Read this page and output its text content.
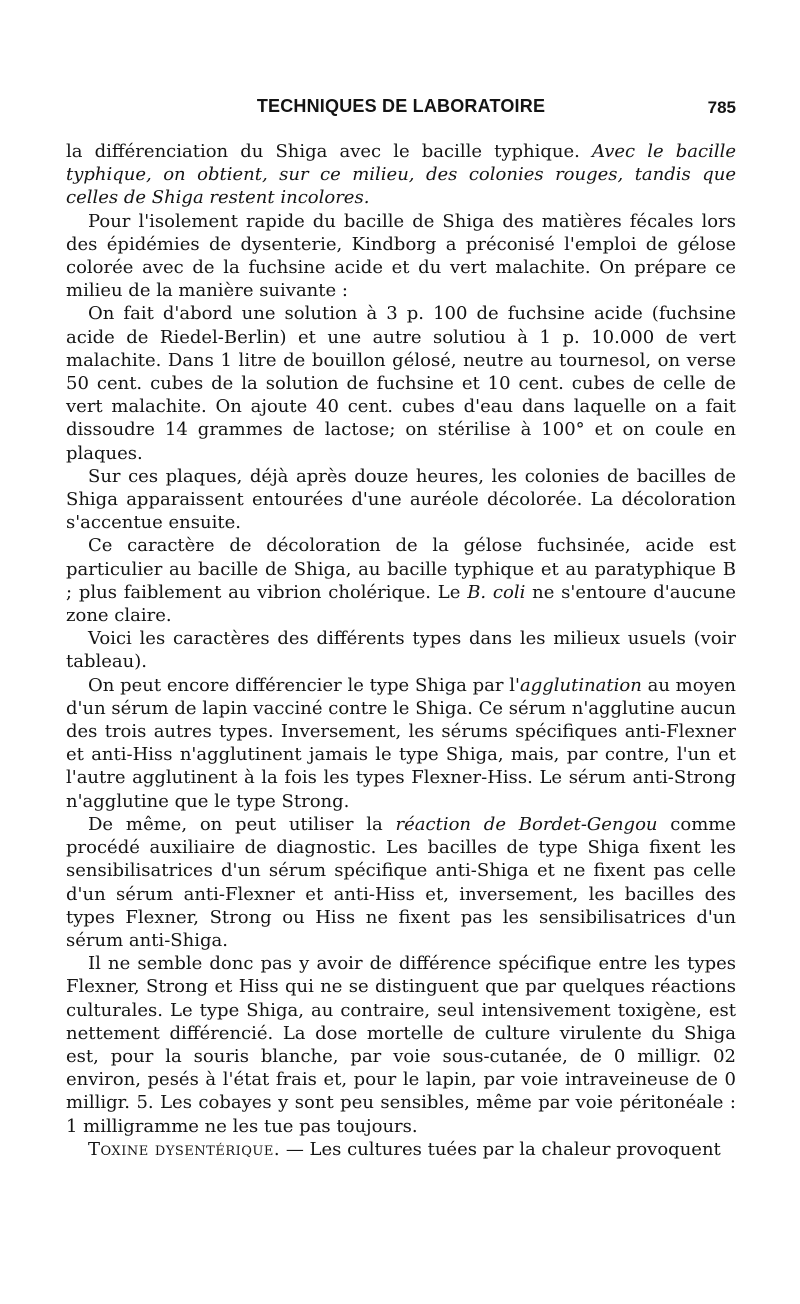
TECHNIQUES DE LABORATOIRE	785

la différenciation du Shiga avec le bacille typhique. Avec le bacille typhique, on obtient, sur ce milieu, des colonies rouges, tandis que celles de Shiga restent incolores.

Pour l'isolement rapide du bacille de Shiga des matières fécales lors des épidémies de dysenterie, Kindborg a préconisé l'emploi de gélose colorée avec de la fuchsine acide et du vert malachite. On prépare ce milieu de la manière suivante :

On fait d'abord une solution à 3 p. 100 de fuchsine acide (fuchsine acide de Riedel-Berlin) et une autre solutiou à 1 p. 10.000 de vert malachite. Dans 1 litre de bouillon gélosé, neutre au tournesol, on verse 50 cent. cubes de la solution de fuchsine et 10 cent. cubes de celle de vert malachite. On ajoute 40 cent. cubes d'eau dans laquelle on a fait dissoudre 14 grammes de lactose; on stérilise à 100° et on coule en plaques.

Sur ces plaques, déjà après douze heures, les colonies de bacilles de Shiga apparaissent entourées d'une auréole décolorée. La décoloration s'accentue ensuite.

Ce caractère de décoloration de la gélose fuchsinée, acide est particulier au bacille de Shiga, au bacille typhique et au paratyphique B ; plus faiblement au vibrion cholérique. Le B. coli ne s'entoure d'aucune zone claire.

Voici les caractères des différents types dans les milieux usuels (voir tableau).

On peut encore différencier le type Shiga par l'agglutination au moyen d'un sérum de lapin vacciné contre le Shiga. Ce sérum n'agglutine aucun des trois autres types. Inversement, les sérums spécifiques anti-Flexner et anti-Hiss n'agglutinent jamais le type Shiga, mais, par contre, l'un et l'autre agglutinent à la fois les types Flexner-Hiss. Le sérum anti-Strong n'agglutine que le type Strong.

De même, on peut utiliser la réaction de Bordet-Gengou comme procédé auxiliaire de diagnostic. Les bacilles de type Shiga fixent les sensibilisatrices d'un sérum spécifique anti-Shiga et ne fixent pas celle d'un sérum anti-Flexner et anti-Hiss et, inversement, les bacilles des types Flexner, Strong ou Hiss ne fixent pas les sensibilisatrices d'un sérum anti-Shiga.

Il ne semble donc pas y avoir de différence spécifique entre les types Flexner, Strong et Hiss qui ne se distinguent que par quelques réactions culturales. Le type Shiga, au contraire, seul intensivement toxigène, est nettement différencié. La dose mortelle de culture virulente du Shiga est, pour la souris blanche, par voie sous-cutanée, de 0 milligr. 02 environ, pesés à l'état frais et, pour le lapin, par voie intraveineuse de 0 milligr. 5. Les cobayes y sont peu sensibles, même par voie péritonéale : 1 milligramme ne les tue pas toujours.

Toxine dysentérique. — Les cultures tuées par la chaleur provoquent
